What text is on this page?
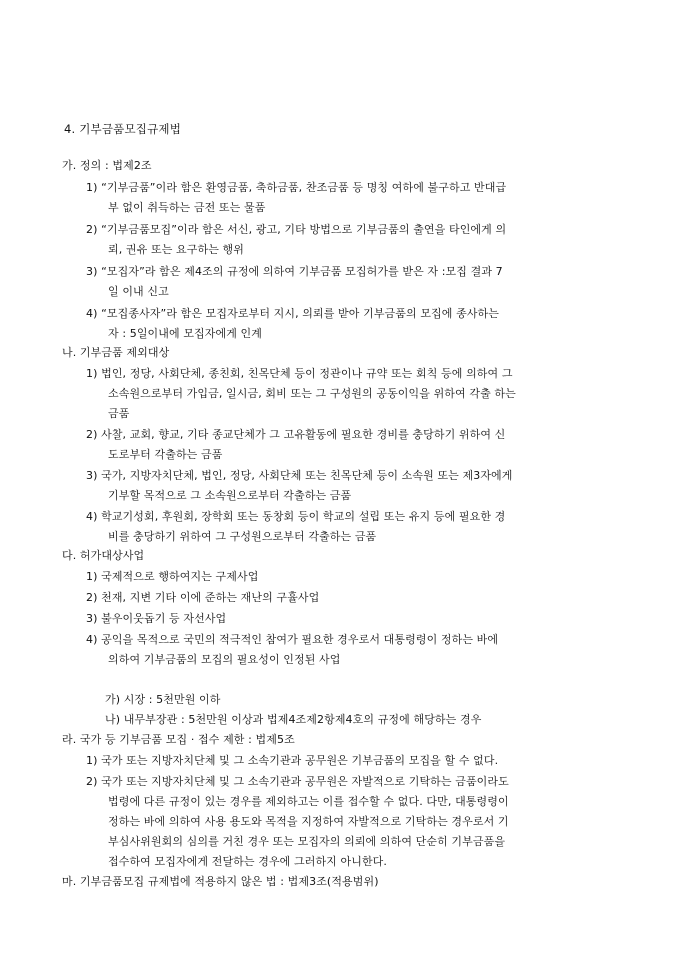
4. 기부금품모집규제법
가. 정의 : 법제2조
1) “기부금품”이라 함은 환영금품, 축하금품, 찬조금품 등 명칭 여하에 불구하고 반대급
부 없이 취득하는 금전 또는 물품
2) “기부금품모집”이라 함은 서신, 광고, 기타 방법으로 기부금품의 출연을 타인에게 의
뢰, 권유 또는 요구하는 행위
3) “모집자”라 함은 제4조의 규정에 의하여 기부금품 모집허가를 받은 자 :모집 결과 7
일 이내 신고
4) “모집종사자”라 함은 모집자로부터 지시, 의뢰를 받아 기부금품의 모집에 종사하는
자 : 5일이내에 모집자에게 인계
나. 기부금품 제외대상
1) 법인, 정당, 사회단체, 종친회, 친목단체 등이 정관이나 규약 또는 회칙 등에 의하여 그
소속원으로부터 가입금, 일시금, 회비 또는 그 구성원의 공동이익을 위하여 각출 하는
금품
2) 사찰, 교회, 향교, 기타 종교단체가 그 고유활동에 필요한 경비를 충당하기 위하여 신
도로부터 각출하는 금품
3) 국가, 지방자치단체, 법인, 정당, 사회단체 또는 친목단체 등이 소속원 또는 제3자에게
기부할 목적으로 그 소속원으로부터 각출하는 금품
4) 학교기성회, 후원회, 장학회 또는 동창회 등이 학교의 설립 또는 유지 등에 필요한 경
비를 충당하기 위하여 그 구성원으로부터 각출하는 금품
다. 허가대상사업
1) 국제적으로 행하여지는 구제사업
2) 천재, 지변 기타 이에 준하는 재난의 구휼사업
3) 불우이웃돕기 등 자선사업
4) 공익을 목적으로 국민의 적극적인 참여가 필요한 경우로서 대통령령이 정하는 바에
의하여 기부금품의 모집의 필요성이 인정된 사업
가) 시장 : 5천만원 이하
나) 내무부장관 : 5천만원 이상과 법제4조제2항제4호의 규정에 해당하는 경우
라. 국가 등 기부금품 모집 · 접수 제한 : 법제5조
1) 국가 또는 지방자치단체 및 그 소속기관과 공무원은 기부금품의 모집을 할 수 없다.
2) 국가 또는 지방자치단체 및 그 소속기관과 공무원은 자발적으로 기탁하는 금품이라도
법령에 다른 규정이 있는 경우를 제외하고는 이를 접수할 수 없다. 다만, 대통령령이
정하는 바에 의하여 사용 용도와 목적을 지정하여 자발적으로 기탁하는 경우로서 기
부심사위원회의 심의를 거친 경우 또는 모집자의 의뢰에 의하여 단순히 기부금품을
접수하여 모집자에게 전달하는 경우에 그러하지 아니한다.
마. 기부금품모집 규제법에 적용하지 않은 법 : 법제3조(적용범위)
